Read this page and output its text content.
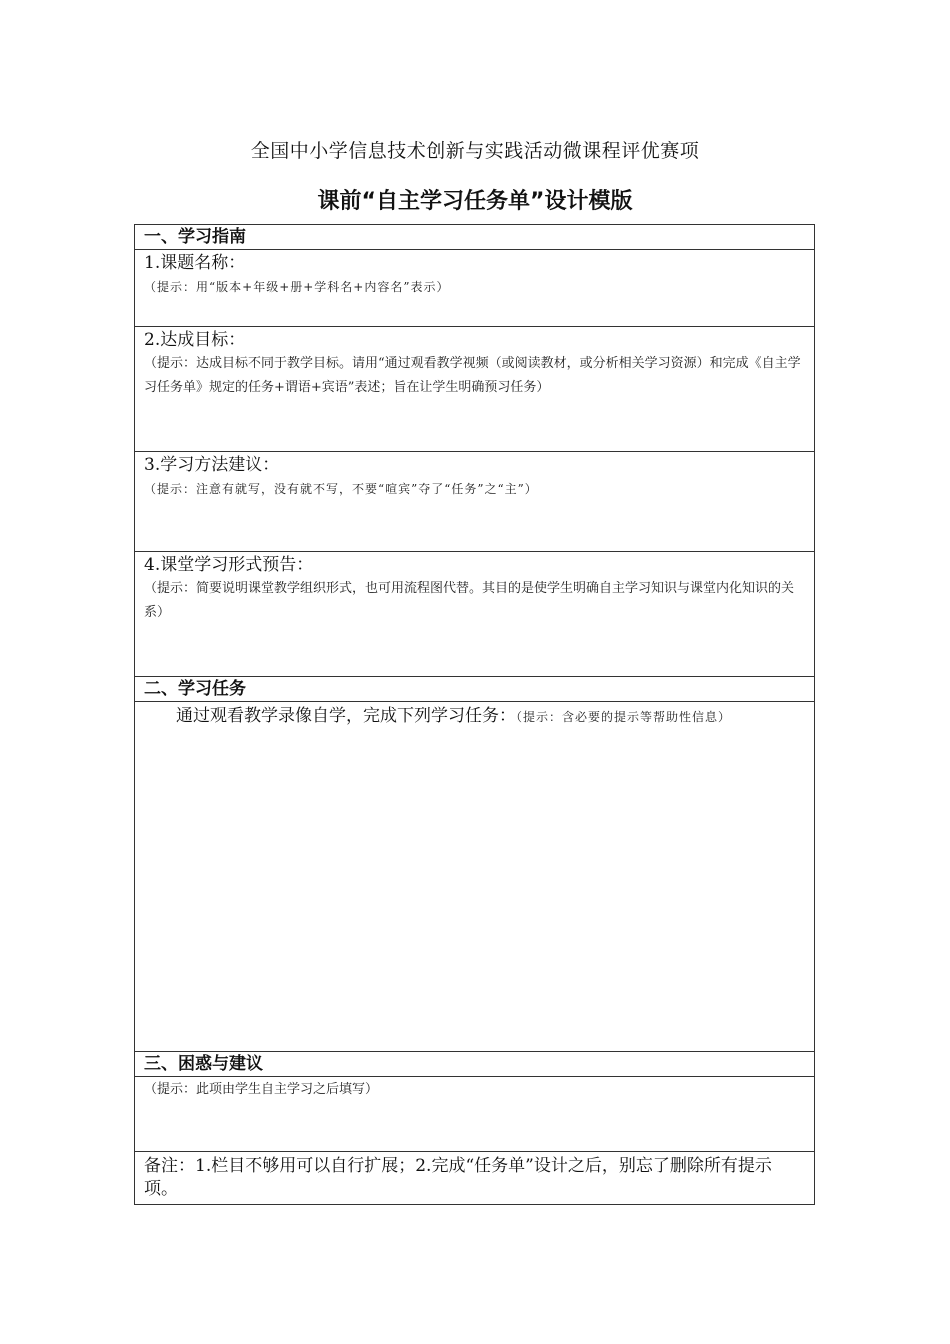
全国中小学信息技术创新与实践活动微课程评优赛项
课前“自主学习任务单”设计模版
一、学习指南
1.课题名称：
（提示：用“版本+年级+册+学科名+内容名”表示）
2.达成目标：
（提示：达成目标不同于教学目标。请用“通过观看教学视频（或阅读教材，或分析相关学习资源）和完成《自主学习任务单》规定的任务+谓语+宾语”表述；旨在让学生明确预习任务）
3.学习方法建议：
（提示：注意有就写，没有就不写，不要“喧宾”夺了“任务”之“主”）
4.课堂学习形式预告：
（提示：简要说明课堂教学组织形式，也可用流程图代替。其目的是使学生明确自主学习知识与课堂内化知识的关系）
二、学习任务
通过观看教学录像自学，完成下列学习任务：（提示：含必要的提示等帮助性信息）
三、困惑与建议
（提示：此项由学生自主学习之后填写）
备注：1.栏目不够用可以自行扩展；2.完成“任务单”设计之后，别忘了删除所有提示项。
